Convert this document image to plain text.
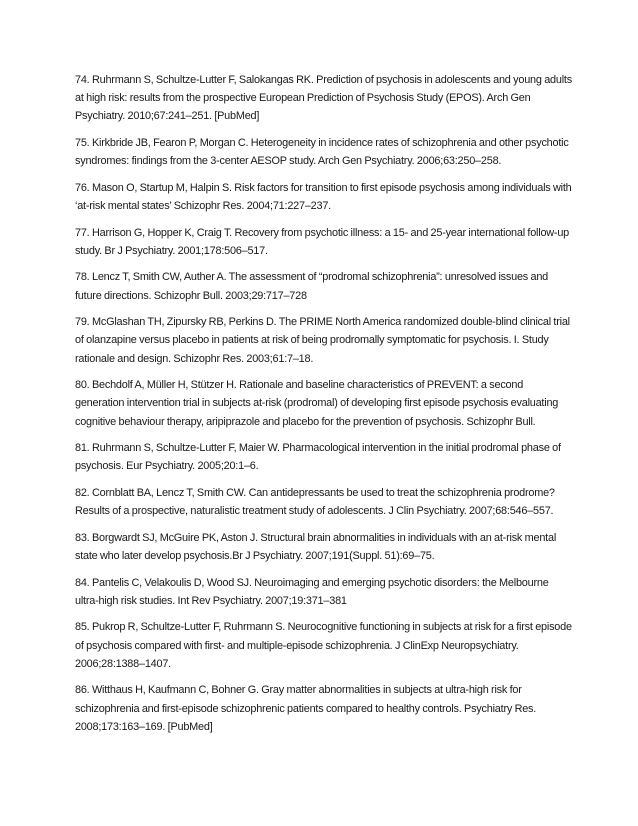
74. Ruhrmann S, Schultze-Lutter F, Salokangas RK. Prediction of psychosis in adolescents and young adults at high risk: results from the prospective European Prediction of Psychosis Study (EPOS). Arch Gen Psychiatry. 2010;67:241–251. [PubMed]

75. Kirkbride JB, Fearon P, Morgan C. Heterogeneity in incidence rates of schizophrenia and other psychotic syndromes: findings from the 3-center AESOP study. Arch Gen Psychiatry. 2006;63:250–258.

76. Mason O, Startup M, Halpin S. Risk factors for transition to first episode psychosis among individuals with ‘at-risk mental states’ Schizophr Res. 2004;71:227–237.

77. Harrison G, Hopper K, Craig T. Recovery from psychotic illness: a 15- and 25-year international follow-up study. Br J Psychiatry. 2001;178:506–517.

78. Lencz T, Smith CW, Auther A. The assessment of “prodromal schizophrenia”: unresolved issues and future directions. Schizophr Bull. 2003;29:717–728

79. McGlashan TH, Zipursky RB, Perkins D. The PRIME North America randomized double-blind clinical trial of olanzapine versus placebo in patients at risk of being prodromally symptomatic for psychosis. I. Study rationale and design. Schizophr Res. 2003;61:7–18.

80. Bechdolf A, Müller H, Stützer H. Rationale and baseline characteristics of PREVENT: a second generation intervention trial in subjects at-risk (prodromal) of developing first episode psychosis evaluating cognitive behaviour therapy, aripiprazole and placebo for the prevention of psychosis. Schizophr Bull.

81. Ruhrmann S, Schultze-Lutter F, Maier W. Pharmacological intervention in the initial prodromal phase of psychosis. Eur Psychiatry. 2005;20:1–6.

82. Cornblatt BA, Lencz T, Smith CW. Can antidepressants be used to treat the schizophrenia prodrome? Results of a prospective, naturalistic treatment study of adolescents. J Clin Psychiatry. 2007;68:546–557.

83. Borgwardt SJ, McGuire PK, Aston J. Structural brain abnormalities in individuals with an at-risk mental state who later develop psychosis.Br J Psychiatry. 2007;191(Suppl. 51):69–75.

84. Pantelis C, Velakoulis D, Wood SJ. Neuroimaging and emerging psychotic disorders: the Melbourne ultra-high risk studies. Int Rev Psychiatry. 2007;19:371–381

85. Pukrop R, Schultze-Lutter F, Ruhrmann S. Neurocognitive functioning in subjects at risk for a first episode of psychosis compared with first- and multiple-episode schizophrenia. J ClinExp Neuropsychiatry. 2006;28:1388–1407.

86. Witthaus H, Kaufmann C, Bohner G. Gray matter abnormalities in subjects at ultra-high risk for schizophrenia and first-episode schizophrenic patients compared to healthy controls. Psychiatry Res. 2008;173:163–169. [PubMed]
